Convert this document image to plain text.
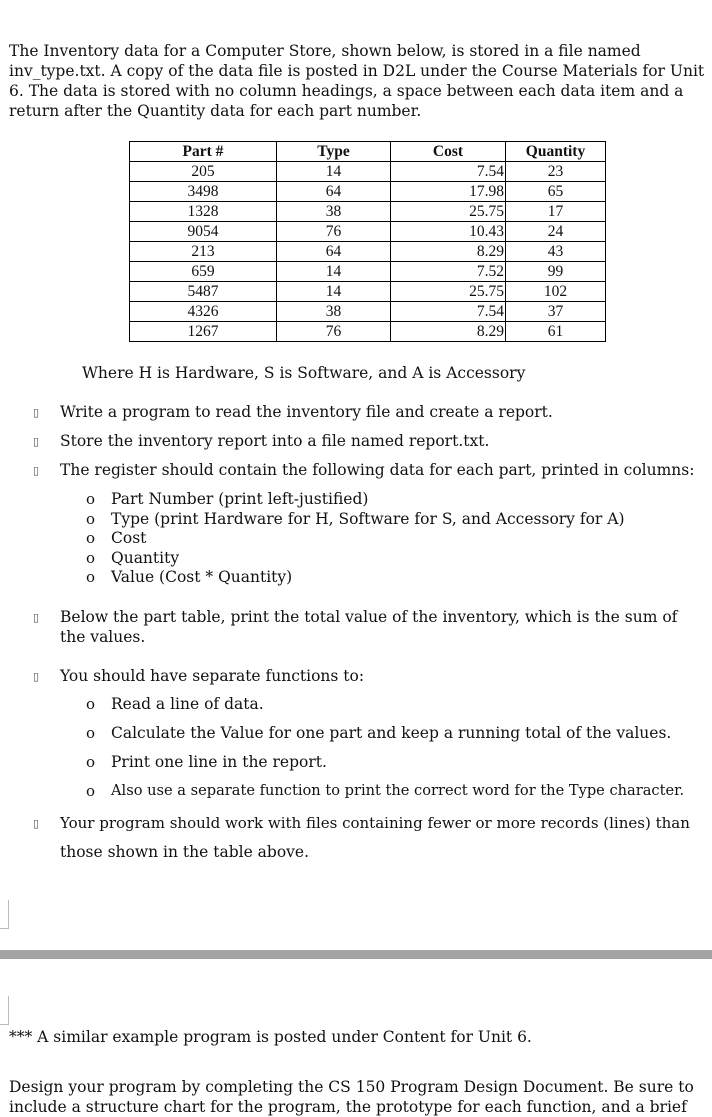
The Inventory data for a Computer Store, shown below, is stored in a file named inv_type.txt. A copy of the data file is posted in D2L under the Course Materials for Unit 6. The data is stored with no column headings, a space between each data item and a return after the Quantity data for each part number.

Part #	Type	Cost	Quantity
205	14	7.54	23
3498	64	17.98	65
1328	38	25.75	17
9054	76	10.43	24
213	64	8.29	43
659	14	7.52	99
5487	14	25.75	102
4326	38	7.54	37
1267	76	8.29	61

Where H is Hardware, S is Software, and A is Accessory

▯ Write a program to read the inventory file and create a report.

▯ Store the inventory report into a file named report.txt.

▯ The register should contain the following data for each part, printed in columns:

o Part Number (print left-justified)

o Type (print Hardware for H, Software for S, and Accessory for A)

o Cost

o Quantity

o Value (Cost * Quantity)

▯ Below the part table, print the total value of the inventory, which is the sum of the values.

▯ You should have separate functions to:

o Read a line of data.

o Calculate the Value for one part and keep a running total of the values.

o Print one line in the report.

o Also use a separate function to print the correct word for the Type character.

▯ Your program should work with files containing fewer or more records (lines) than

those shown in the table above.

*** A similar example program is posted under Content for Unit 6.

Design your program by completing the CS 150 Program Design Document. Be sure to include a structure chart for the program, the prototype for each function, and a brief
